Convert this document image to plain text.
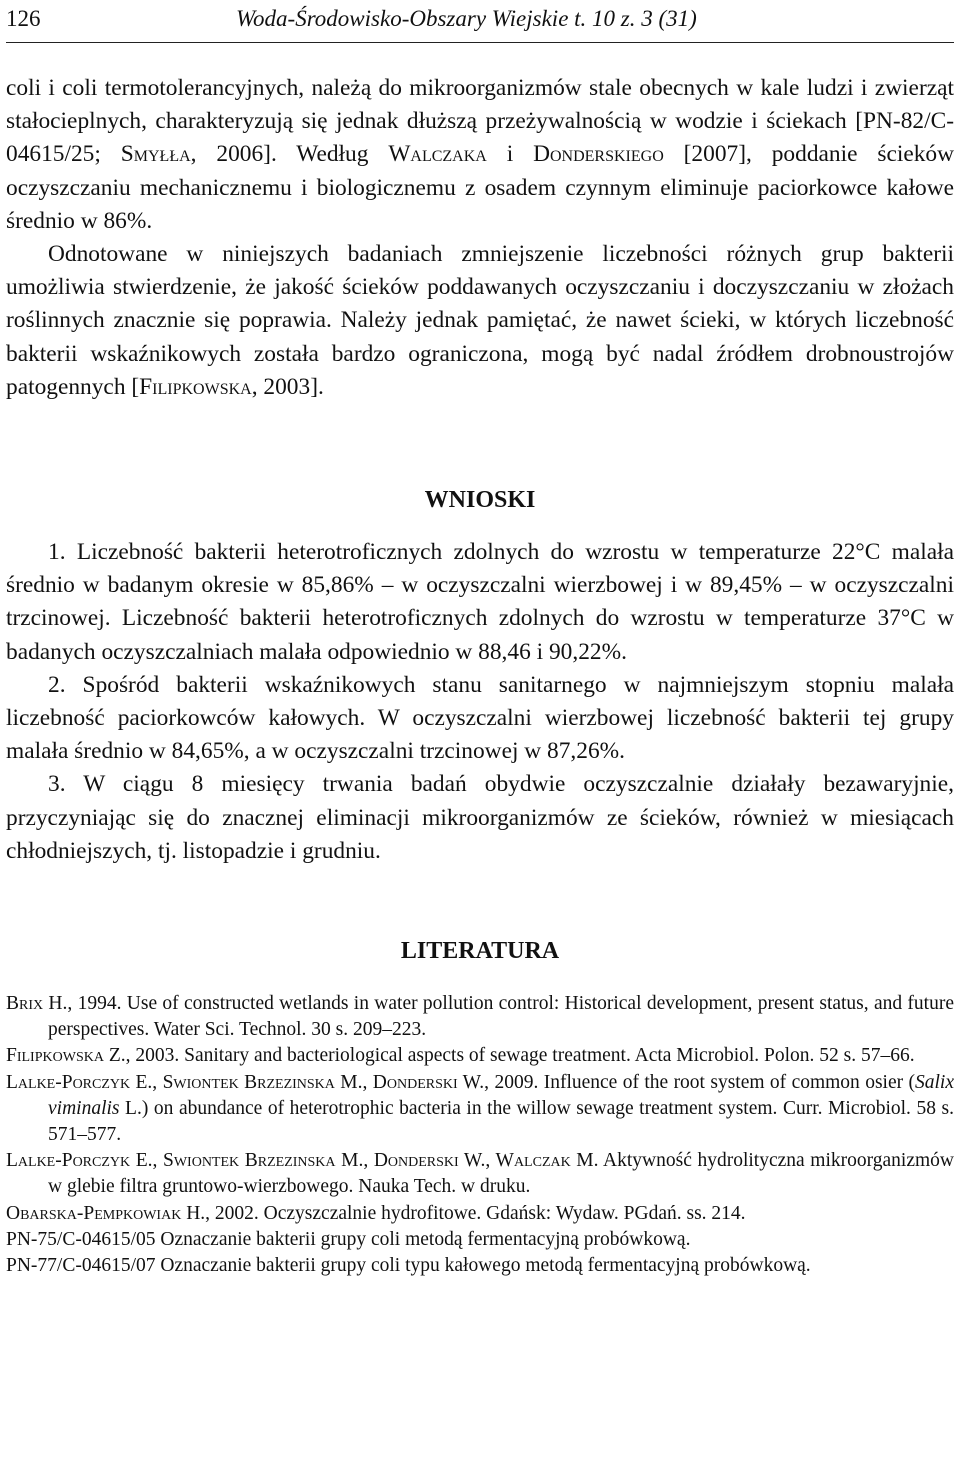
126	Woda-Środowisko-Obszary Wiejskie t. 10 z. 3 (31)

coli i coli termotolerancyjnych, należą do mikroorganizmów stale obecnych w kale ludzi i zwierząt stałocieplnych, charakteryzują się jednak dłuższą przeżywalnością w wodzie i ściekach [PN-82/C-04615/25; Smyłła, 2006]. Według Walczaka i Donderskiego [2007], poddanie ścieków oczyszczaniu mechanicznemu i biologicznemu z osadem czynnym eliminuje paciorkowce kałowe średnio w 86%.

Odnotowane w niniejszych badaniach zmniejszenie liczebności różnych grup bakterii umożliwia stwierdzenie, że jakość ścieków poddawanych oczyszczaniu i doczyszczaniu w złożach roślinnych znacznie się poprawia. Należy jednak pamiętać, że nawet ścieki, w których liczebność bakterii wskaźnikowych została bardzo ograniczona, mogą być nadal źródłem drobnoustrojów patogennych [Filipkowska, 2003].

WNIOSKI

1. Liczebność bakterii heterotroficznych zdolnych do wzrostu w temperaturze 22°C malała średnio w badanym okresie w 85,86% – w oczyszczalni wierzbowej i w 89,45% – w oczyszczalni trzcinowej. Liczebność bakterii heterotroficznych zdolnych do wzrostu w temperaturze 37°C w badanych oczyszczalniach malała odpowiednio w 88,46 i 90,22%.

2. Spośród bakterii wskaźnikowych stanu sanitarnego w najmniejszym stopniu malała liczebność paciorkowców kałowych. W oczyszczalni wierzbowej liczebność bakterii tej grupy malała średnio w 84,65%, a w oczyszczalni trzcinowej w 87,26%.

3. W ciągu 8 miesięcy trwania badań obydwie oczyszczalnie działały bezawaryjnie, przyczyniając się do znacznej eliminacji mikroorganizmów ze ścieków, również w miesiącach chłodniejszych, tj. listopadzie i grudniu.

LITERATURA

Brix H., 1994. Use of constructed wetlands in water pollution control: Historical development, present status, and future perspectives. Water Sci. Technol. 30 s. 209–223.

Filipkowska Z., 2003. Sanitary and bacteriological aspects of sewage treatment. Acta Microbiol. Polon. 52 s. 57–66.

Lalke-Porczyk E., Swiontek Brzezinska M., Donderski W., 2009. Influence of the root system of common osier (Salix viminalis L.) on abundance of heterotrophic bacteria in the willow sewage treatment system. Curr. Microbiol. 58 s. 571–577.

Lalke-Porczyk E., Swiontek Brzezinska M., Donderski W., Walczak M. Aktywność hydrolityczna mikroorganizmów w glebie filtra gruntowo-wierzbowego. Nauka Tech. w druku.

Obarska-Pempkowiak H., 2002. Oczyszczalnie hydrofitowe. Gdańsk: Wydaw. PGdań. ss. 214.

PN-75/C-04615/05 Oznaczanie bakterii grupy coli metodą fermentacyjną probówkową.

PN-77/C-04615/07 Oznaczanie bakterii grupy coli typu kałowego metodą fermentacyjną probówkową.
